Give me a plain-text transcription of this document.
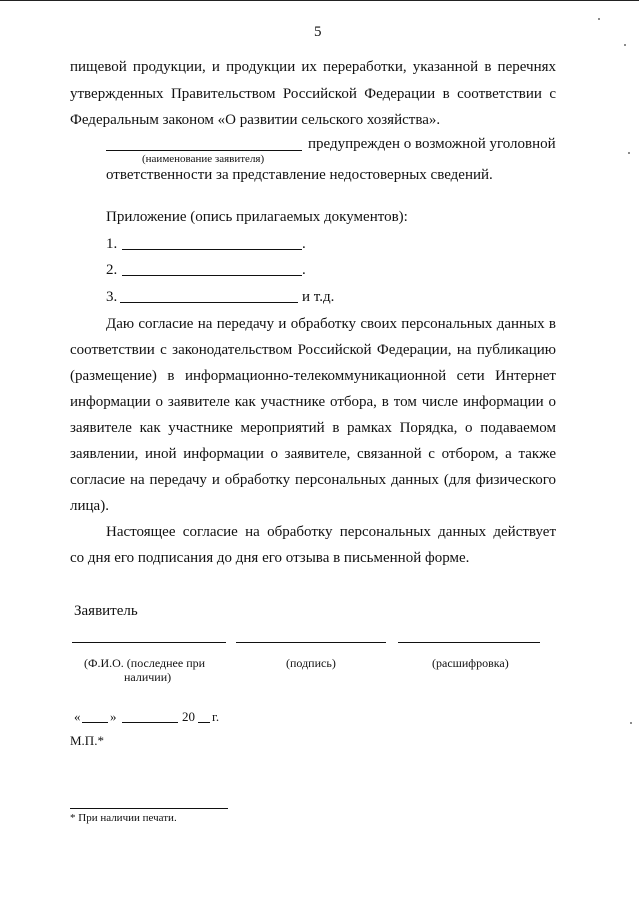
5
пищевой продукции, и продукции их переработки, указанной в перечнях
утвержденных Правительством Российской Федерации в соответствии с
Федеральным законом «О развитии сельского хозяйства».
предупрежден о возможной уголовной
(наименование заявителя)
ответственности за представление недостоверных сведений.
Приложение (опись прилагаемых документов):
1.	.
2.	.
3.	и т.д.
Даю согласие на передачу и обработку своих персональных данных в
соответствии с законодательством Российской Федерации, на публикацию
(размещение) в информационно-телекоммуникационной сети Интернет
информации о заявителе как участнике отбора, в том числе информации о
заявителе как участнике мероприятий в рамках Порядка, о подаваемом
заявлении, иной информации о заявителе, связанной с отбором, а также
согласие на передачу и обработку персональных данных (для физического
лица).
Настоящее согласие на обработку персональных данных действует
со дня его подписания до дня его отзыва в письменной форме.
Заявитель
(Ф.И.О. (последнее при
наличии)
(подпись)	(расшифровка)
« »	20 г.
М.П.*
* При наличии печати.
